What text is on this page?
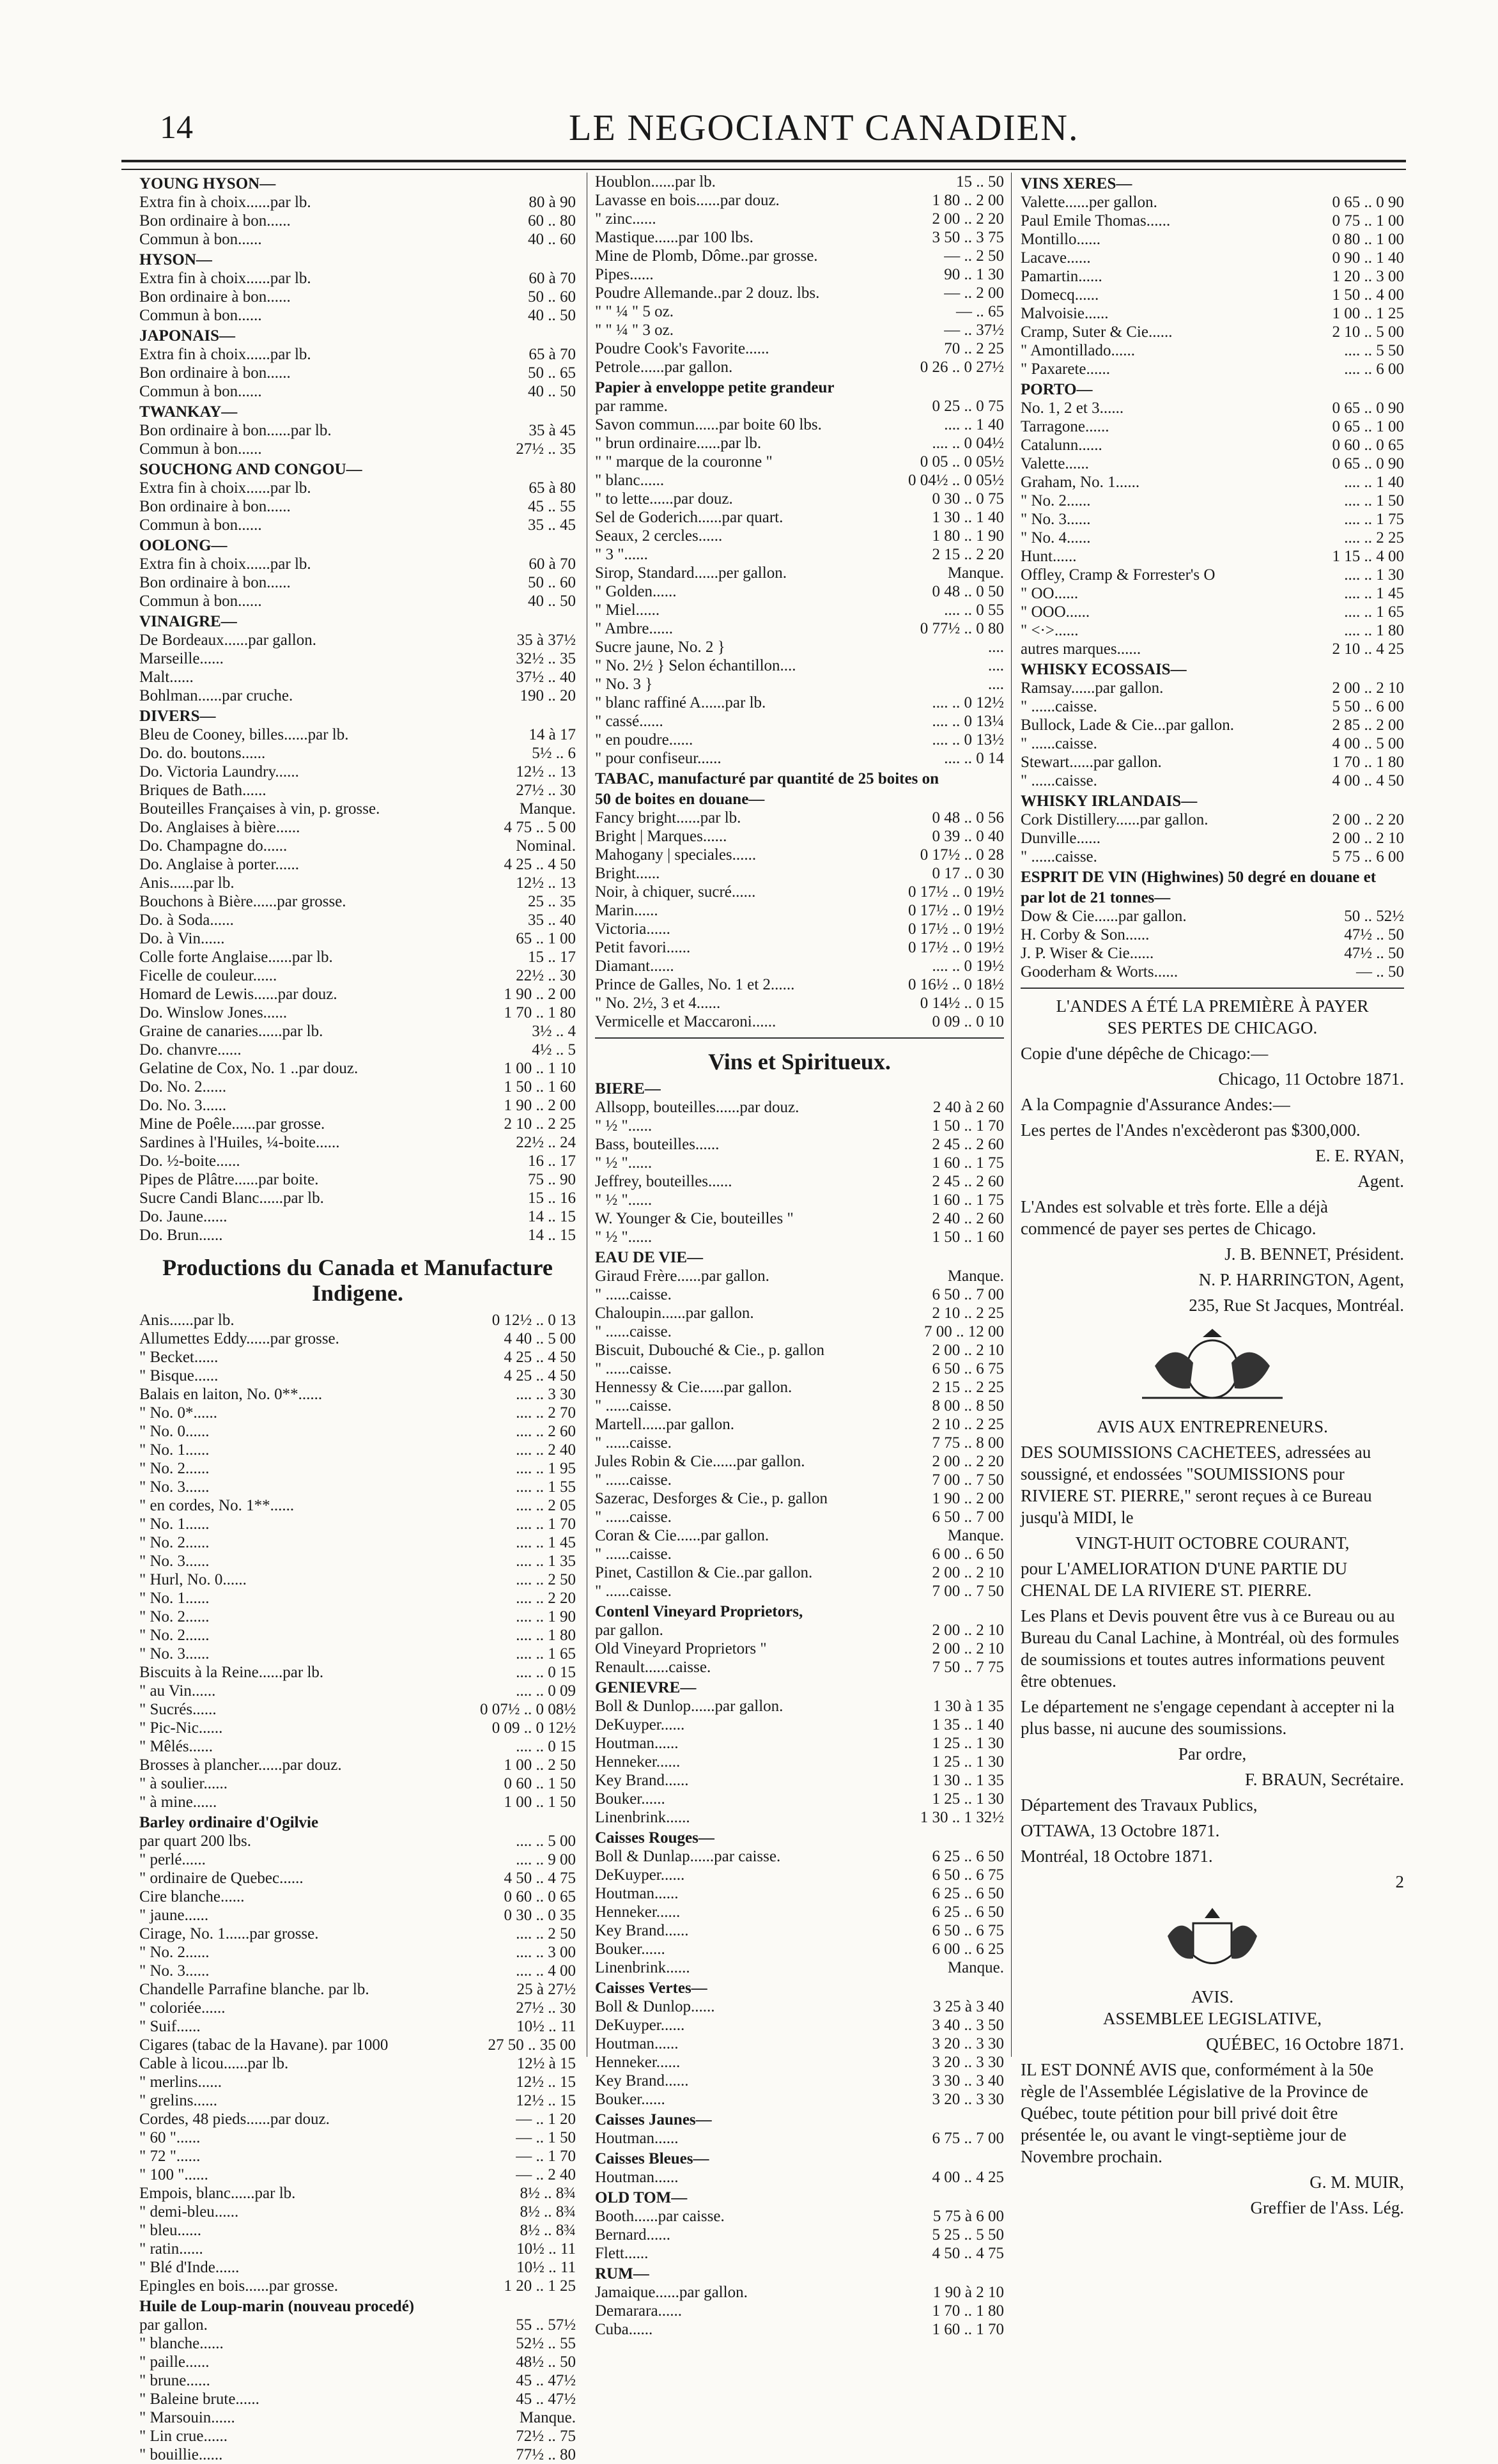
14	LE NEGOCIANT CANADIEN.
YOUNG HYSON—
Extra fin à choix......par lb.	80 à 90
Bon ordinaire à bon......	60 .. 80
Commun à bon......	40 .. 60
HYSON—
Extra fin à choix......par lb.	60 à 70
Bon ordinaire à bon......	50 .. 60
Commun à bon......	40 .. 50
JAPONAIS—
Extra fin à choix......par lb.	65 à 70
Bon ordinaire à bon......	50 .. 65
Commun à bon......	40 .. 50
TWANKAY—
Bon ordinaire à bon......par lb.	35 à 45
Commun à bon......	27½ .. 35
SOUCHONG AND CONGOU—
Extra fin à choix......par lb.	65 à 80
Bon ordinaire à bon......	45 .. 55
Commun à bon......	35 .. 45
OOLONG—
Extra fin à choix......par lb.	60 à 70
Bon ordinaire à bon......	50 .. 60
Commun à bon......	40 .. 50
VINAIGRE—
De Bordeaux......par gallon.	35 à 37½
Marseille......	32½ .. 35
Malt......	37½ .. 40
Bohlman......par cruche.	190 .. 20
DIVERS—
Bleu de Cooney, billes......par lb.	14 à 17
Do. do. boutons......	5½ .. 6
Do. Victoria Laundry......	12½ .. 13
Briques de Bath......	27½ .. 30
Bouteilles Françaises à vin, p. grosse.	Manque.
Do. Anglaises à bière......	4 75 .. 5 00
Do. Champagne do......	Nominal.
Do. Anglaise à porter......	4 25 .. 4 50
Anis......par lb.	12½ .. 13
Bouchons à Bière......par grosse.	25 .. 35
Do. à Soda......	35 .. 40
Do. à Vin......	65 .. 1 00
Colle forte Anglaise......par lb.	15 .. 17
Ficelle de couleur......	22½ .. 30
Homard de Lewis......par douz.	1 90 .. 2 00
Do. Winslow Jones......	1 70 .. 1 80
Graine de canaries......par lb.	3½ .. 4
Do. chanvre......	4½ .. 5
Gelatine de Cox, No. 1 ..par douz.	1 00 .. 1 10
Do. No. 2......	1 50 .. 1 60
Do. No. 3......	1 90 .. 2 00
Mine de Poêle......par grosse.	2 10 .. 2 25
Sardines à l'Huiles, ¼-boite......	22½ .. 24
Do. ½-boite......	16 .. 17
Pipes de Plâtre......par boite.	75 .. 90
Sucre Candi Blanc......par lb.	15 .. 16
Do. Jaune......	14 .. 15
Do. Brun......	14 .. 15
Productions du Canada et Manufacture Indigene.
Anis......par lb.	0 12½ .. 0 13
Allumettes Eddy......par grosse.	4 40 .. 5 00
" Becket......	4 25 .. 4 50
" Bisque......	4 25 .. 4 50
Balais en laiton, No. 0**......	.... .. 3 30
" No. 0*......	.... .. 2 70
" No. 0......	.... .. 2 60
" No. 1......	.... .. 2 40
" No. 2......	.... .. 1 95
" No. 3......	.... .. 1 55
" en cordes, No. 1**......	.... .. 2 05
" No. 1......	.... .. 1 70
" No. 2......	.... .. 1 45
" No. 3......	.... .. 1 35
" Hurl, No. 0......	.... .. 2 50
" No. 1......	.... .. 2 20
" No. 2......	.... .. 1 90
" No. 2......	.... .. 1 80
" No. 3......	.... .. 1 65
Biscuits à la Reine......par lb.	.... .. 0 15
" au Vin......	.... .. 0 09
" Sucrés......	0 07½ .. 0 08½
" Pic-Nic......	0 09 .. 0 12½
" Mêlés......	.... .. 0 15
Brosses à plancher......par douz.	1 00 .. 2 50
" à soulier......	0 60 .. 1 50
" à mine......	1 00 .. 1 50
Barley ordinaire d'Ogilvie
par quart 200 lbs.	.... .. 5 00
" perlé......	.... .. 9 00
" ordinaire de Quebec......	4 50 .. 4 75
Cire blanche......	0 60 .. 0 65
" jaune......	0 30 .. 0 35
Cirage, No. 1......par grosse.	.... .. 2 50
" No. 2......	.... .. 3 00
" No. 3......	.... .. 4 00
Chandelle Parrafine blanche. par lb.	25 à 27½
" coloriée......	27½ .. 30
" Suif......	10½ .. 11
Cigares (tabac de la Havane). par 1000	27 50 .. 35 00
Cable à licou......par lb.	12½ à 15
" merlins......	12½ .. 15
" grelins......	12½ .. 15
Cordes, 48 pieds......par douz.	— .. 1 20
" 60 "......	— .. 1 50
" 72 "......	— .. 1 70
" 100 "......	— .. 2 40
Empois, blanc......par lb.	8½ .. 8¾
" demi-bleu......	8½ .. 8¾
" bleu......	8½ .. 8¾
" ratin......	10½ .. 11
" Blé d'Inde......	10½ .. 11
Epingles en bois......par grosse.	1 20 .. 1 25
Huile de Loup-marin (nouveau procedé)
par gallon.	55 .. 57½
" blanche......	52½ .. 55
" paille......	48½ .. 50
" brune......	45 .. 47½
" Baleine brute......	45 .. 47½
" Marsouin......	Manque.
" Lin crue......	72½ .. 75
" bouillie......	77½ .. 80
Houblon......par lb.	15 .. 50
Lavasse en bois......par douz.	1 80 .. 2 00
" zinc......	2 00 .. 2 20
Mastique......par 100 lbs.	3 50 .. 3 75
Mine de Plomb, Dôme..par grosse.	— .. 2 50
Pipes......	90 .. 1 30
Poudre Allemande..par 2 douz. lbs.	— .. 2 00
" " ¼ " 5 oz.	— .. 65
" " ¼ " 3 oz.	— .. 37½
Poudre Cook's Favorite......	70 .. 2 25
Petrole......par gallon.	0 26 .. 0 27½
Papier à enveloppe petite grandeur
par ramme.	0 25 .. 0 75
Savon commun......par boite 60 lbs.	.... .. 1 40
" brun ordinaire......par lb.	.... .. 0 04½
" " marque de la couronne "	0 05 .. 0 05½
" blanc......	0 04½ .. 0 05½
" to lette......par douz.	0 30 .. 0 75
Sel de Goderich......par quart.	1 30 .. 1 40
Seaux, 2 cercles......	1 80 .. 1 90
" 3 "......	2 15 .. 2 20
Sirop, Standard......per gallon.	Manque.
" Golden......	0 48 .. 0 50
" Miel......	.... .. 0 55
" Ambre......	0 77½ .. 0 80
Sucre jaune, No. 2 }	....
" No. 2½ } Selon échantillon....	....
" No. 3 }	....
" blanc raffiné A......par lb.	.... .. 0 12½
" cassé......	.... .. 0 13¼
" en poudre......	.... .. 0 13½
" pour confiseur......	.... .. 0 14
TABAC, manufacturé par quantité de 25 boites on
50 de boites en douane—
Fancy bright......par lb.	0 48 .. 0 56
Bright | Marques......	0 39 .. 0 40
Mahogany | speciales......	0 17½ .. 0 28
Bright......	0 17 .. 0 30
Noir, à chiquer, sucré......	0 17½ .. 0 19½
Marin......	0 17½ .. 0 19½
Victoria......	0 17½ .. 0 19½
Petit favori......	0 17½ .. 0 19½
Diamant......	.... .. 0 19½
Prince de Galles, No. 1 et 2......	0 16½ .. 0 18½
" No. 2½, 3 et 4......	0 14½ .. 0 15
Vermicelle et Maccaroni......	0 09 .. 0 10
Vins et Spiritueux.
BIERE—
Allsopp, bouteilles......par douz.	2 40 à 2 60
" ½ "......	1 50 .. 1 70
Bass, bouteilles......	2 45 .. 2 60
" ½ "......	1 60 .. 1 75
Jeffrey, bouteilles......	2 45 .. 2 60
" ½ "......	1 60 .. 1 75
W. Younger & Cie, bouteilles "	2 40 .. 2 60
" ½ "......	1 50 .. 1 60
EAU DE VIE—
Giraud Frère......par gallon.	Manque.
" ......caisse.	6 50 .. 7 00
Chaloupin......par gallon.	2 10 .. 2 25
" ......caisse.	7 00 .. 12 00
Biscuit, Dubouché & Cie., p. gallon	2 00 .. 2 10
" ......caisse.	6 50 .. 6 75
Hennessy & Cie......par gallon.	2 15 .. 2 25
" ......caisse.	8 00 .. 8 50
Martell......par gallon.	2 10 .. 2 25
" ......caisse.	7 75 .. 8 00
Jules Robin & Cie......par gallon.	2 00 .. 2 20
" ......caisse.	7 00 .. 7 50
Sazerac, Desforges & Cie., p. gallon	1 90 .. 2 00
" ......caisse.	6 50 .. 7 00
Coran & Cie......par gallon.	Manque.
" ......caisse.	6 00 .. 6 50
Pinet, Castillon & Cie..par gallon.	2 00 .. 2 10
" ......caisse.	7 00 .. 7 50
Contenl Vineyard Proprietors,
par gallon.	2 00 .. 2 10
Old Vineyard Proprietors "	2 00 .. 2 10
Renault......caisse.	7 50 .. 7 75
GENIEVRE—
Boll & Dunlop......par gallon.	1 30 à 1 35
DeKuyper......	1 35 .. 1 40
Houtman......	1 25 .. 1 30
Henneker......	1 25 .. 1 30
Key Brand......	1 30 .. 1 35
Bouker......	1 25 .. 1 30
Linenbrink......	1 30 .. 1 32½
Caisses Rouges—
Boll & Dunlap......par caisse.	6 25 .. 6 50
DeKuyper......	6 50 .. 6 75
Houtman......	6 25 .. 6 50
Henneker......	6 25 .. 6 50
Key Brand......	6 50 .. 6 75
Bouker......	6 00 .. 6 25
Linenbrink......	Manque.
Caisses Vertes—
Boll & Dunlop......	3 25 à 3 40
DeKuyper......	3 40 .. 3 50
Houtman......	3 20 .. 3 30
Henneker......	3 20 .. 3 30
Key Brand......	3 30 .. 3 40
Bouker......	3 20 .. 3 30
Caisses Jaunes—
Houtman......	6 75 .. 7 00
Caisses Bleues—
Houtman......	4 00 .. 4 25
OLD TOM—
Booth......par caisse.	5 75 à 6 00
Bernard......	5 25 .. 5 50
Flett......	4 50 .. 4 75
RUM—
Jamaique......par gallon.	1 90 à 2 10
Demarara......	1 70 .. 1 80
Cuba......	1 60 .. 1 70
VINS XERES—
Valette......per gallon.	0 65 .. 0 90
Paul Emile Thomas......	0 75 .. 1 00
Montillo......	0 80 .. 1 00
Lacave......	0 90 .. 1 40
Pamartin......	1 20 .. 3 00
Domecq......	1 50 .. 4 00
Malvoisie......	1 00 .. 1 25
Cramp, Suter & Cie......	2 10 .. 5 00
" Amontillado......	.... .. 5 50
" Paxarete......	.... .. 6 00
PORTO—
No. 1, 2 et 3......	0 65 .. 0 90
Tarragone......	0 65 .. 1 00
Catalunn......	0 60 .. 0 65
Valette......	0 65 .. 0 90
Graham, No. 1......	.... .. 1 40
" No. 2......	.... .. 1 50
" No. 3......	.... .. 1 75
" No. 4......	.... .. 2 25
Hunt......	1 15 .. 4 00
Offley, Cramp & Forrester's O	.... .. 1 30
" OO......	.... .. 1 45
" OOO......	.... .. 1 65
" <·>......	.... .. 1 80
autres marques......	2 10 .. 4 25
WHISKY ECOSSAIS—
Ramsay......par gallon.	2 00 .. 2 10
" ......caisse.	5 50 .. 6 00
Bullock, Lade & Cie...par gallon.	2 85 .. 2 00
" ......caisse.	4 00 .. 5 00
Stewart......par gallon.	1 70 .. 1 80
" ......caisse.	4 00 .. 4 50
WHISKY IRLANDAIS—
Cork Distillery......par gallon.	2 00 .. 2 20
Dunville......	2 00 .. 2 10
" ......caisse.	5 75 .. 6 00
ESPRIT DE VIN (Highwines) 50 degré en douane et
par lot de 21 tonnes—
Dow & Cie......par gallon.	50 .. 52½
H. Corby & Son......	47½ .. 50
J. P. Wiser & Cie......	47½ .. 50
Gooderham & Worts......	— .. 50
L'ANDES A ÉTÉ LA PREMIÈRE À PAYER
SES PERTES DE CHICAGO.

Copie d'une dépêche de Chicago:—

Chicago, 11 Octobre 1871.

A la Compagnie d'Assurance Andes:—

Les pertes de l'Andes n'excèderont pas $300,000.

E. E. RYAN,

Agent.

L'Andes est solvable et très forte. Elle a déjà commencé de payer ses pertes de Chicago.

J. B. BENNET, Président.

N. P. HARRINGTON, Agent,

235, Rue St Jacques, Montréal.

AVIS AUX ENTREPRENEURS.

DES SOUMISSIONS CACHETEES, adressées au soussigné, et endossées "SOUMISSIONS pour RIVIERE ST. PIERRE," seront reçues à ce Bureau jusqu'à MIDI, le

VINGT-HUIT OCTOBRE COURANT,

pour L'AMELIORATION D'UNE PARTIE DU CHENAL DE LA RIVIERE ST. PIERRE.

Les Plans et Devis pouvent être vus à ce Bureau ou au Bureau du Canal Lachine, à Montréal, où des formules de soumissions et toutes autres informations peuvent être obtenues.

Le département ne s'engage cependant à accepter ni la plus basse, ni aucune des soumissions.

Par ordre,

F. BRAUN, Secrétaire.

Département des Travaux Publics,

OTTAWA, 13 Octobre 1871.

Montréal, 18 Octobre 1871.

2

AVIS.
ASSEMBLEE LEGISLATIVE,

QUÉBEC, 16 Octobre 1871.

IL EST DONNÉ AVIS que, conformément à la 50e règle de l'Assemblée Législative de la Province de Québec, toute pétition pour bill privé doit être présentée le, ou avant le vingt-septième jour de Novembre prochain.

G. M. MUIR,

Greffier de l'Ass. Lég.
